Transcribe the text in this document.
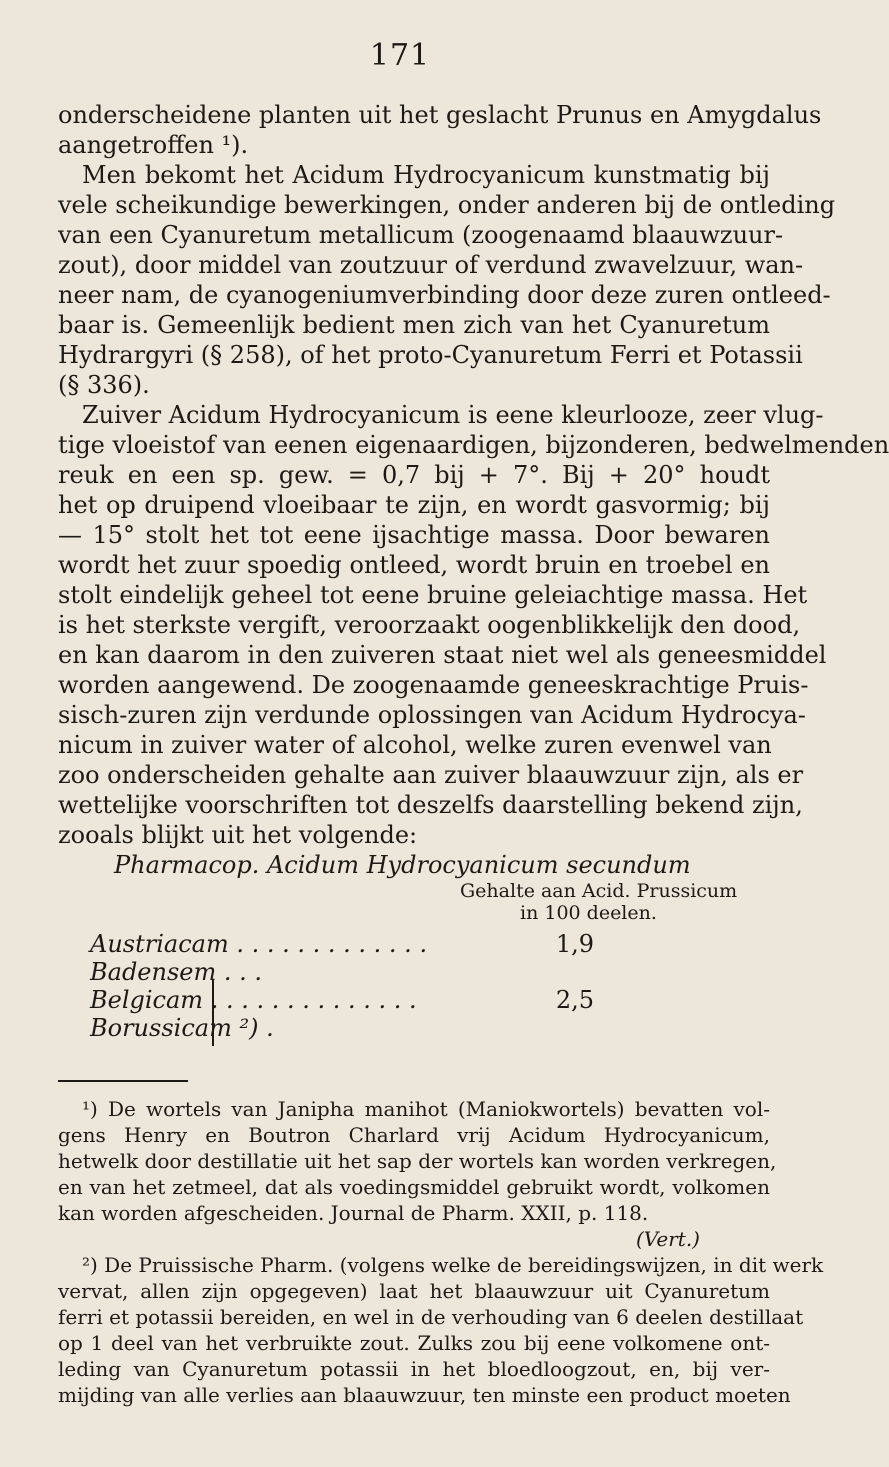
171
onderscheidene planten uit het geslacht Prunus en Amygdalus
aangetroffen ¹).
Men bekomt het Acidum Hydrocyanicum kunstmatig bij
vele scheikundige bewerkingen, onder anderen bij de ontleding
van een Cyanuretum metallicum (zoogenaamd blaauwzuur-
zout), door middel van zoutzuur of verdund zwavelzuur, wan-
neer nam, de cyanogeniumverbinding door deze zuren ontleed-
baar is. Gemeenlijk bedient men zich van het Cyanuretum
Hydrargyri (§ 258), of het proto-Cyanuretum Ferri et Potassii
(§ 336).
Zuiver Acidum Hydrocyanicum is eene kleurlooze, zeer vlug-
tige vloeistof van eenen eigenaardigen, bijzonderen, bedwelmenden
reuk en een sp. gew. = 0,7 bij + 7°. Bij + 20° houdt
het op druipend vloeibaar te zijn, en wordt gasvormig; bij
— 15° stolt het tot eene ijsachtige massa. Door bewaren
wordt het zuur spoedig ontleed, wordt bruin en troebel en
stolt eindelijk geheel tot eene bruine geleiachtige massa. Het
is het sterkste vergift, veroorzaakt oogenblikkelijk den dood,
en kan daarom in den zuiveren staat niet wel als geneesmiddel
worden aangewend. De zoogenaamde geneeskrachtige Pruis-
sisch-zuren zijn verdunde oplossingen van Acidum Hydrocya-
nicum in zuiver water of alcohol, welke zuren evenwel van
zoo onderscheiden gehalte aan zuiver blaauwzuur zijn, als er
wettelijke voorschriften tot deszelfs daarstelling bekend zijn,
zooals blijkt uit het volgende:
Pharmacop. Acidum Hydrocyanicum secundum
Gehalte aan Acid. Prussicum
in 100 deelen.
Austriacam . . . . . . . . . . . . .	1,9
Badensem . . .
Belgicam . . . . . . . . . . . . . .	2,5
Borussicam ²) .
¹) De wortels van Janipha manihot (Maniokwortels) bevatten vol-
gens Henry en Boutron Charlard vrij Acidum Hydrocyanicum,
hetwelk door destillatie uit het sap der wortels kan worden verkregen,
en van het zetmeel, dat als voedingsmiddel gebruikt wordt, volkomen
kan worden afgescheiden. Journal de Pharm. XXII, p. 118.
(Vert.)
²) De Pruissische Pharm. (volgens welke de bereidingswijzen, in dit werk
vervat, allen zijn opgegeven) laat het blaauwzuur uit Cyanuretum
ferri et potassii bereiden, en wel in de verhouding van 6 deelen destillaat
op 1 deel van het verbruikte zout. Zulks zou bij eene volkomene ont-
leding van Cyanuretum potassii in het bloedloogzout, en, bij ver-
mijding van alle verlies aan blaauwzuur, ten minste een product moeten
